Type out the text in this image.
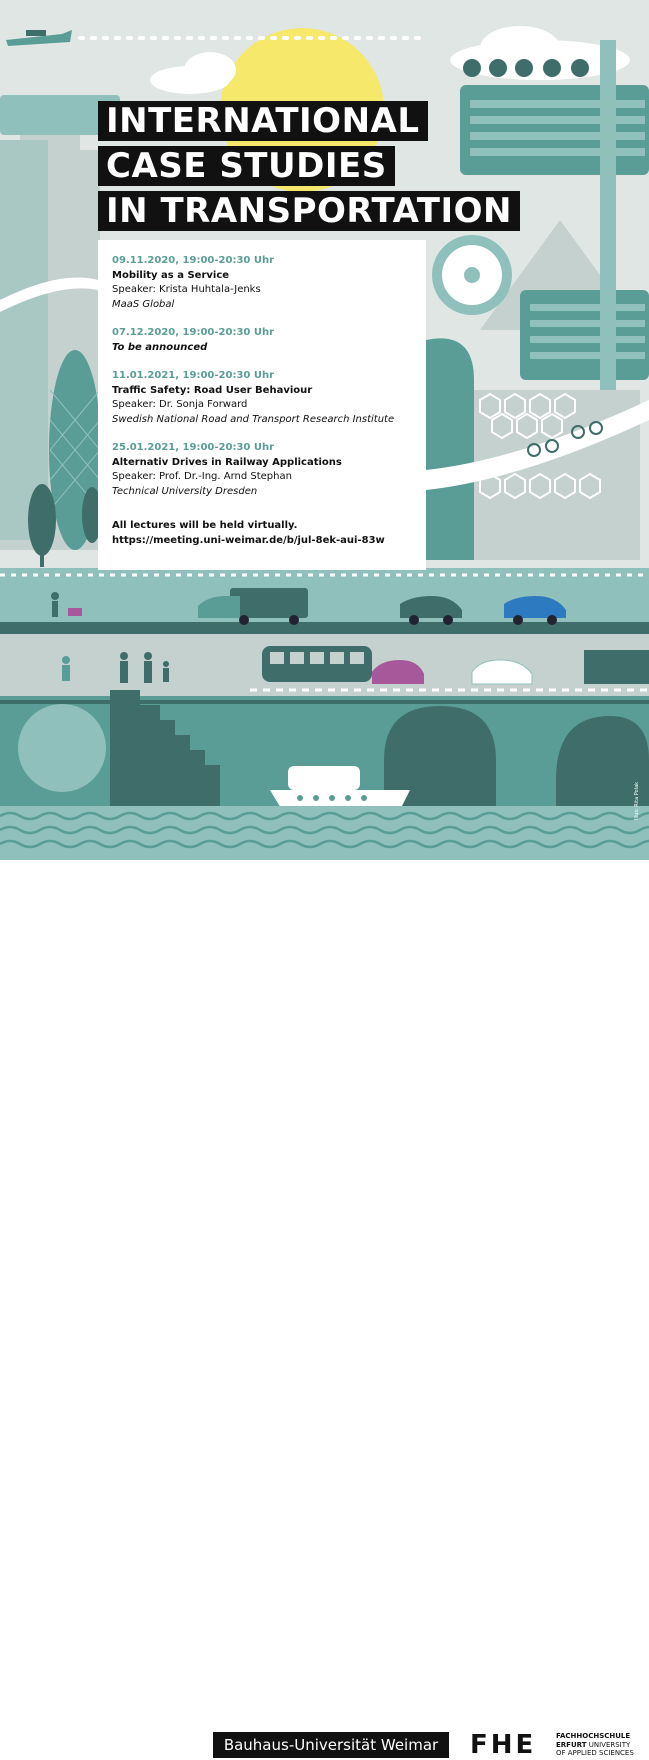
INTERNATIONAL
CASE STUDIES
IN TRANSPORTATION
09.11.2020, 19:00-20:30 Uhr
Mobility as a Service
Speaker: Krista Huhtala-Jenks
MaaS Global
07.12.2020, 19:00-20:30 Uhr
To be announced
11.01.2021, 19:00-20:30 Uhr
Traffic Safety: Road User Behaviour
Speaker: Dr. Sonja Forward
Swedish National Road and Transport Research Institute
25.01.2021, 19:00-20:30 Uhr
Alternativ Drives in Railway Applications
Speaker: Prof. Dr.-Ing. Arnd Stephan
Technical University Dresden
All lectures will be held virtually.
https://meeting.uni-weimar.de/b/jul-8ek-aui-83w
Illus: Rita Polak
Bauhaus-Universität Weimar	FHE	FACHHOCHSCHULE
ERFURT UNIVERSITY
OF APPLIED SCIENCES
